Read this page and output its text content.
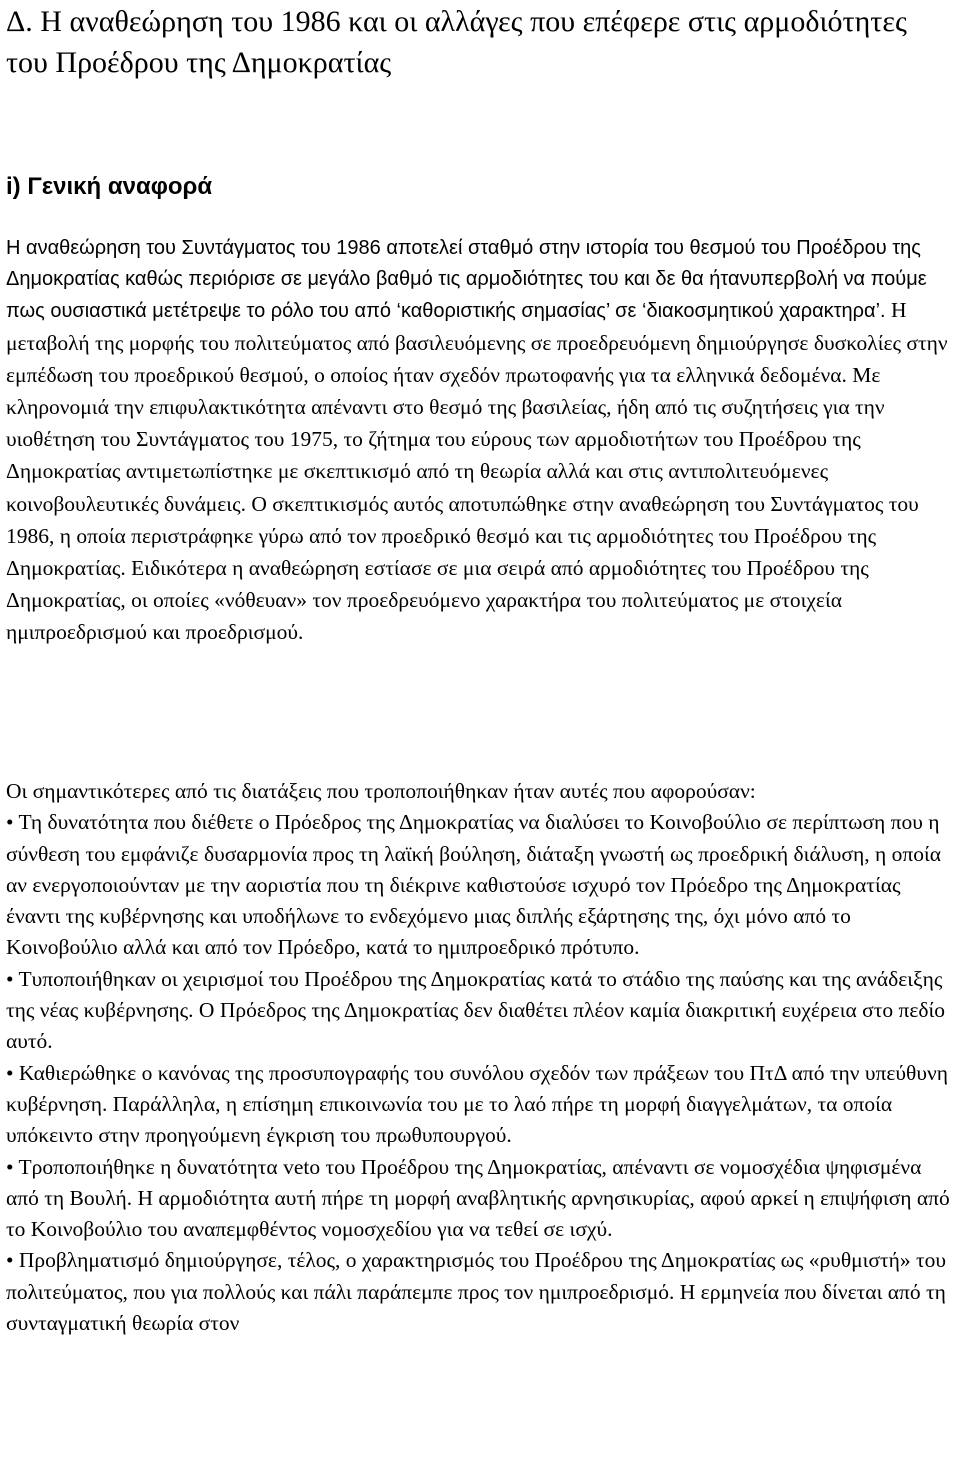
Δ. Η αναθεώρηση του 1986 και οι αλλάγες που επέφερε στις αρμοδιότητες του Προέδρου της Δημοκρατίας
i) Γενική αναφορά

Η αναθεώρηση του Συντάγματος του 1986 αποτελεί σταθμό στην ιστορία του θεσμού του Προέδρου της Δημοκρατίας καθώς περιόρισε σε μεγάλο βαθμό τις αρμοδιότητες του και δε θα ήτανυπερβολή να πούμε πως ουσιαστικά μετέτρεψε το ρόλο του από ‘καθοριστικής σημασίας’ σε ‘διακοσμητικού χαρακτηρα’. Η μεταβολή της μορφής του πολιτεύματος από βασιλευόμενης σε προεδρευόμενη δημιούργησε δυσκολίες στην εμπέδωση του προεδρικού θεσμού, ο οποίος ήταν σχεδόν πρωτοφανής για τα ελληνικά δεδομένα. Με κληρονομιά την επιφυλακτικότητα απέναντι στο θεσμό της βασιλείας, ήδη από τις συζητήσεις για την υιοθέτηση του Συντάγματος του 1975, το ζήτημα του εύρους των αρμοδιοτήτων του Προέδρου της Δημοκρατίας αντιμετωπίστηκε με σκεπτικισμό από τη θεωρία αλλά και στις αντιπολιτευόμενες κοινοβουλευτικές δυνάμεις. Ο σκεπτικισμός αυτός αποτυπώθηκε στην αναθεώρηση του Συντάγματος του 1986, η οποία περιστράφηκε γύρω από τον προεδρικό θεσμό και τις αρμοδιότητες του Προέδρου της Δημοκρατίας. Ειδικότερα η αναθεώρηση εστίασε σε μια σειρά από αρμοδιότητες του Προέδρου της Δημοκρατίας, οι οποίες «νόθευαν» τον προεδρευόμενο χαρακτήρα του πολιτεύματος με στοιχεία ημιπροεδρισμού και προεδρισμού.

Οι σημαντικότερες από τις διατάξεις που τροποποιήθηκαν ήταν αυτές που αφορούσαν:
• Τη δυνατότητα που διέθετε ο Πρόεδρος της Δημοκρατίας να διαλύσει το Κοινοβούλιο σε περίπτωση που η σύνθεση του εμφάνιζε δυσαρμονία προς τη λαϊκή βούληση, διάταξη γνωστή ως προεδρική διάλυση, η οποία αν ενεργοποιούνταν με την αοριστία που τη διέκρινε καθιστούσε ισχυρό τον Πρόεδρο της Δημοκρατίας έναντι της κυβέρνησης και υποδήλωνε το ενδεχόμενο μιας διπλής εξάρτησης της, όχι μόνο από το Κοινοβούλιο αλλά και από τον Πρόεδρο, κατά το ημιπροεδρικό πρότυπο.
• Τυποποιήθηκαν οι χειρισμοί του Προέδρου της Δημοκρατίας κατά το στάδιο της παύσης και της ανάδειξης της νέας κυβέρνησης. Ο Πρόεδρος της Δημοκρατίας δεν διαθέτει πλέον καμία διακριτική ευχέρεια στο πεδίο αυτό.
• Καθιερώθηκε ο κανόνας της προσυπογραφής του συνόλου σχεδόν των πράξεων του ΠτΔ από την υπεύθυνη κυβέρνηση. Παράλληλα, η επίσημη επικοινωνία του με το λαό πήρε τη μορφή διαγγελμάτων, τα οποία υπόκειντο στην προηγούμενη έγκριση του πρωθυπουργού.
• Τροποποιήθηκε η δυνατότητα veto του Προέδρου της Δημοκρατίας, απέναντι σε νομοσχέδια ψηφισμένα από τη Βουλή. Η αρμοδιότητα αυτή πήρε τη μορφή αναβλητικής αρνησικυρίας, αφού αρκεί η επιψήφιση από το Κοινοβούλιο του αναπεμφθέντος νομοσχεδίου για να τεθεί σε ισχύ.
• Προβληματισμό δημιούργησε, τέλος, ο χαρακτηρισμός του Προέδρου της Δημοκρατίας ως «ρυθμιστή» του πολιτεύματος, που για πολλούς και πάλι παράπεμπε προς τον ημιπροεδρισμό. Η ερμηνεία που δίνεται από τη συνταγματική θεωρία στον
